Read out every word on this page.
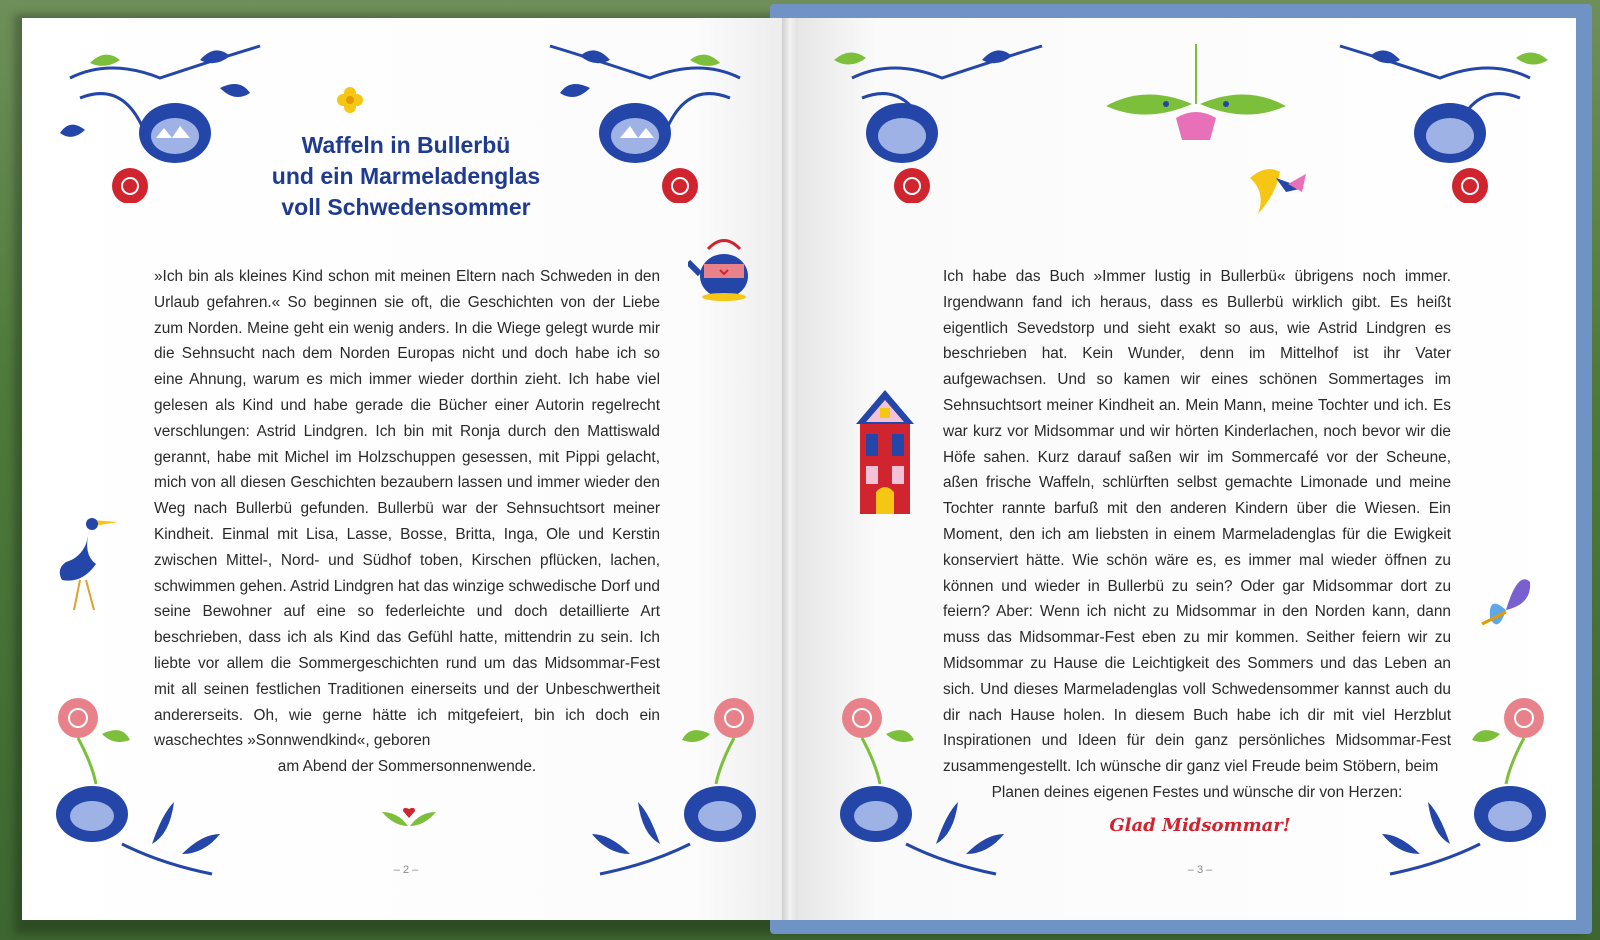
Waffeln in Bullerbü
und ein Marmeladenglas
voll Schwedensommer

»Ich bin als kleines Kind schon mit meinen Eltern nach Schweden in den Urlaub gefahren.« So beginnen sie oft, die Geschichten von der Liebe zum Norden. Meine geht ein wenig anders. In die Wiege gelegt wurde mir die Sehnsucht nach dem Norden Europas nicht und doch habe ich so eine Ahnung, warum es mich immer wieder dorthin zieht. Ich habe viel gelesen als Kind und habe gerade die Bücher einer Autorin regelrecht verschlungen: Astrid Lindgren. Ich bin mit Ronja durch den Mattiswald gerannt, habe mit Michel im Holzschuppen gesessen, mit Pippi gelacht, mich von all diesen Geschichten bezaubern lassen und immer wieder den Weg nach Bullerbü gefunden. Bullerbü war der Sehnsuchtsort meiner Kindheit. Einmal mit Lisa, Lasse, Bosse, Britta, Inga, Ole und Kerstin zwischen Mittel-, Nord- und Südhof toben, Kirschen pflücken, lachen, schwimmen gehen. Astrid Lindgren hat das winzige schwedische Dorf und seine Bewohner auf eine so federleichte und doch detaillierte Art beschrieben, dass ich als Kind das Gefühl hatte, mittendrin zu sein. Ich liebte vor allem die Sommergeschichten rund um das Midsommar-Fest mit all seinen festlichen Traditionen einerseits und der Unbeschwertheit andererseits. Oh, wie gerne hätte ich mitgefeiert, bin ich doch ein waschechtes »Sonnwendkind«, geboren

am Abend der Sommersonnenwende.

– 2 –

Ich habe das Buch »Immer lustig in Bullerbü« übrigens noch immer. Irgendwann fand ich heraus, dass es Bullerbü wirklich gibt. Es heißt eigentlich Sevedstorp und sieht exakt so aus, wie Astrid Lindgren es beschrieben hat. Kein Wunder, denn im Mittelhof ist ihr Vater aufgewachsen. Und so kamen wir eines schönen Sommertages im Sehnsuchtsort meiner Kindheit an. Mein Mann, meine Tochter und ich. Es war kurz vor Midsommar und wir hörten Kinderlachen, noch bevor wir die Höfe sahen. Kurz darauf saßen wir im Sommercafé vor der Scheune, aßen frische Waffeln, schlürften selbst gemachte Limonade und meine Tochter rannte barfuß mit den anderen Kindern über die Wiesen. Ein Moment, den ich am liebsten in einem Marmeladenglas für die Ewigkeit konserviert hätte. Wie schön wäre es, es immer mal wieder öffnen zu können und wieder in Bullerbü zu sein? Oder gar Midsommar dort zu feiern? Aber: Wenn ich nicht zu Midsommar in den Norden kann, dann muss das Midsommar-Fest eben zu mir kommen. Seither feiern wir zu Midsommar zu Hause die Leichtigkeit des Sommers und das Leben an sich. Und dieses Marmeladenglas voll Schwedensommer kannst auch du dir nach Hause holen. In diesem Buch habe ich dir mit viel Herzblut Inspirationen und Ideen für dein ganz persönliches Midsommar-Fest zusammengestellt. Ich wünsche dir ganz viel Freude beim Stöbern, beim

Planen deines eigenen Festes und wünsche dir von Herzen:

Glad Midsommar!
– 3 –
